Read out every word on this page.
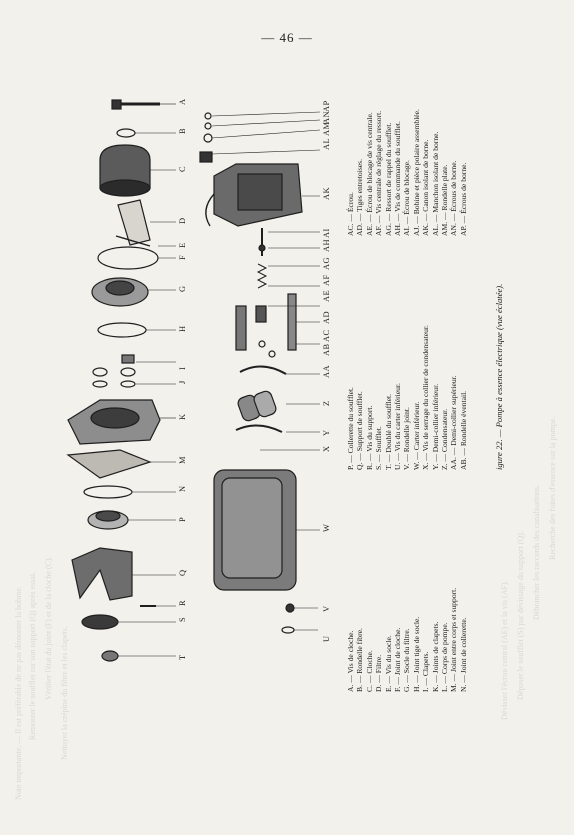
— 46 —
Recherche des fuites d'essence sur la pompe.
Débrancher les raccords des canalisations.
Déposer le soufflet (S) par dévissage du support (Q).
Dévisser l'écrou central (AE) et la vis (AF).
Nettoyer la crépine du filtre et les clapets.
Vérifier l'état du joint (F) et de la cloche (C).
Remonter le soufflet sur son support (Q) après essai.
Note importante. — Il est préférable de ne pas démonter la bobine.	T
S
R
Q
P
N
M
K
J
I
H
G
F
E
D
C
B
A
U
V
W
X
Y
Z
AA
AB
AC
AD
AE
AF
AG
AH
AI
AK
AL
AM
AN
AP
A. — Vis de cloche. B. — Rondelle fibre. C. — Cloche. D. — Filtre. E. — Vis du socle. F. — Joint de cloche. G. — Socle du filtre. H. — Joint tige de socle. I. — Clapets. K. — Joints de clapets. L. — Corps de pompe. M. — Joint entre corps et support. N. — Joint de collerette.
P. — Collerette du soufflet. Q. — Support de soufflet. R. — Vis du support. S. — Soufflet. T. — Doublé du soufflet. U. — Vis du carter inférieur. V. — Rondelle joint. W. — Carter inférieur. X. — Vis de serrage du collier de condensateur. Y. — Demi-collier inférieur. Z. — Condensateur. AA. — Demi-collier supérieur. AB. — Rondelle éventail.
AC. — Écrou. AD. — Tiges entretoises. AE. — Écrou de blocage de vis centrale. AF. — Vis centrale de réglage du ressort. AG. — Ressort de rappel du soufflet. AH. — Vis de commande du soufflet. AI. — Écrou de blocage. AJ. — Bobine et pièce polaire assemblée. AK. — Canon isolant de borne. AL. — Manchon isolant de borne. AM. — Rondelle plate. AN. — Écrous de borne. AP. — Écrous de borne.
igure 22. — Pompe à essence électrique (vue éclatée).
